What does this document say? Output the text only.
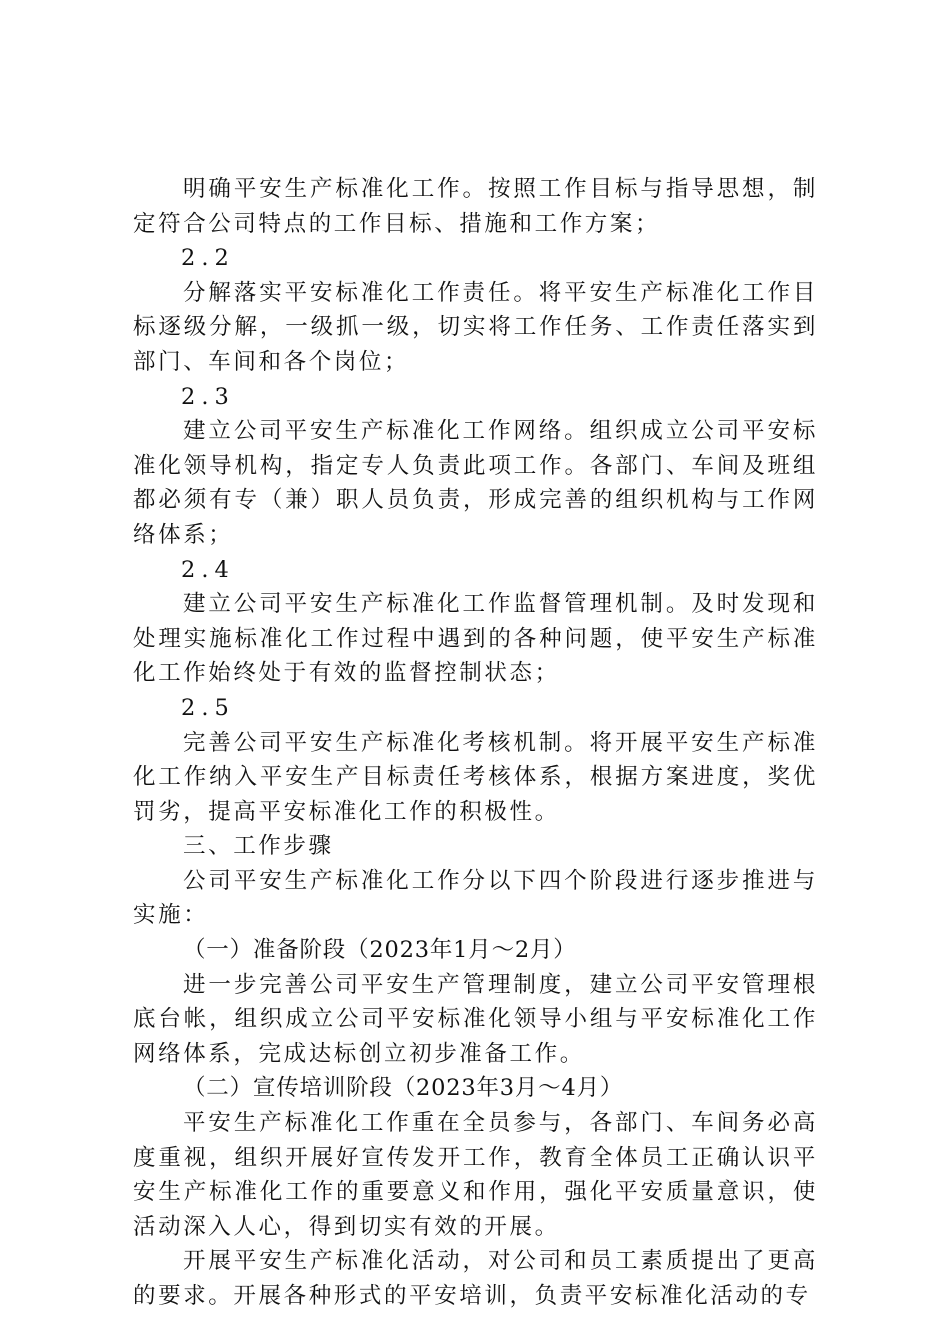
明确平安生产标准化工作。按照工作目标与指导思想，制定符合公司特点的工作目标、措施和工作方案；

2.2

分解落实平安标准化工作责任。将平安生产标准化工作目标逐级分解，一级抓一级，切实将工作任务、工作责任落实到部门、车间和各个岗位；

2.3

建立公司平安生产标准化工作网络。组织成立公司平安标准化领导机构，指定专人负责此项工作。各部门、车间及班组都必须有专（兼）职人员负责，形成完善的组织机构与工作网络体系；

2.4

建立公司平安生产标准化工作监督管理机制。及时发现和处理实施标准化工作过程中遇到的各种问题，使平安生产标准化工作始终处于有效的监督控制状态；

2.5

完善公司平安生产标准化考核机制。将开展平安生产标准化工作纳入平安生产目标责任考核体系，根据方案进度，奖优罚劣，提高平安标准化工作的积极性。

三、工作步骤

公司平安生产标准化工作分以下四个阶段进行逐步推进与实施：

（一）准备阶段（2023年1月～2月）

进一步完善公司平安生产管理制度，建立公司平安管理根底台帐，组织成立公司平安标准化领导小组与平安标准化工作网络体系，完成达标创立初步准备工作。

（二）宣传培训阶段（2023年3月～4月）

平安生产标准化工作重在全员参与，各部门、车间务必高度重视，组织开展好宣传发开工作，教育全体员工正确认识平安生产标准化工作的重要意义和作用，强化平安质量意识，使活动深入人心，得到切实有效的开展。

开展平安生产标准化活动，对公司和员工素质提出了更高的要求。开展各种形式的平安培训，负责平安标准化活动的专
